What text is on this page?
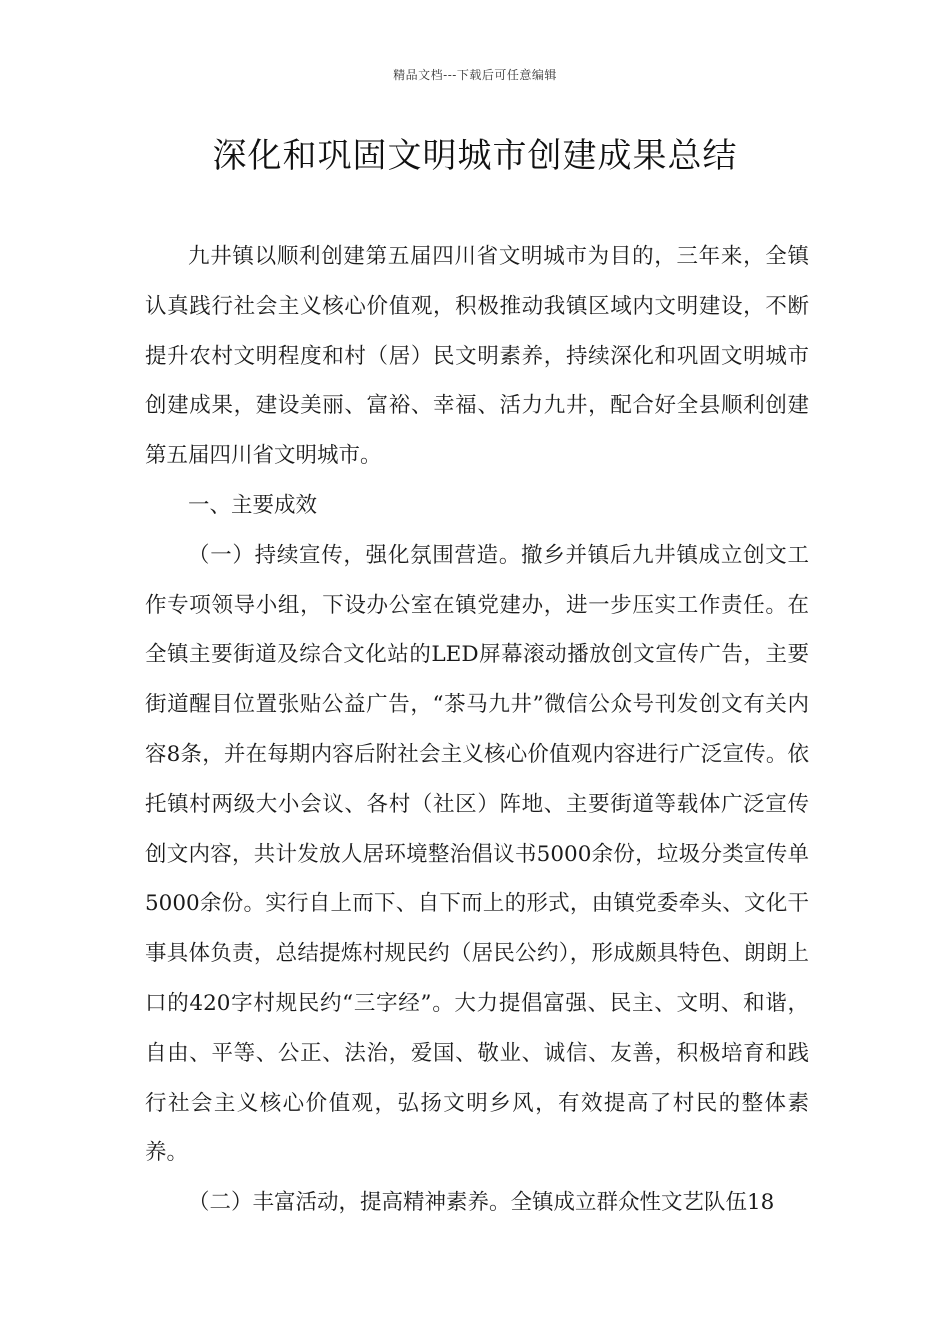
精品文档---下载后可任意编辑
深化和巩固文明城市创建成果总结

九井镇以顺利创建第五届四川省文明城市为目的，三年来，全镇认真践行社会主义核心价值观，积极推动我镇区域内文明建设，不断提升农村文明程度和村（居）民文明素养，持续深化和巩固文明城市创建成果，建设美丽、富裕、幸福、活力九井，配合好全县顺利创建第五届四川省文明城市。

一、主要成效

（一）持续宣传，强化氛围营造。撤乡并镇后九井镇成立创文工作专项领导小组，下设办公室在镇党建办，进一步压实工作责任。在全镇主要街道及综合文化站的LED屏幕滚动播放创文宣传广告，主要街道醒目位置张贴公益广告，“茶马九井”微信公众号刊发创文有关内容8条，并在每期内容后附社会主义核心价值观内容进行广泛宣传。依托镇村两级大小会议、各村（社区）阵地、主要街道等载体广泛宣传创文内容，共计发放人居环境整治倡议书5000余份，垃圾分类宣传单5000余份。实行自上而下、自下而上的形式，由镇党委牵头、文化干事具体负责，总结提炼村规民约（居民公约），形成颇具特色、朗朗上口的420字村规民约“三字经”。大力提倡富强、民主、文明、和谐，自由、平等、公正、法治，爱国、敬业、诚信、友善，积极培育和践行社会主义核心价值观，弘扬文明乡风，有效提高了村民的整体素养。

（二）丰富活动，提高精神素养。全镇成立群众性文艺队伍18
